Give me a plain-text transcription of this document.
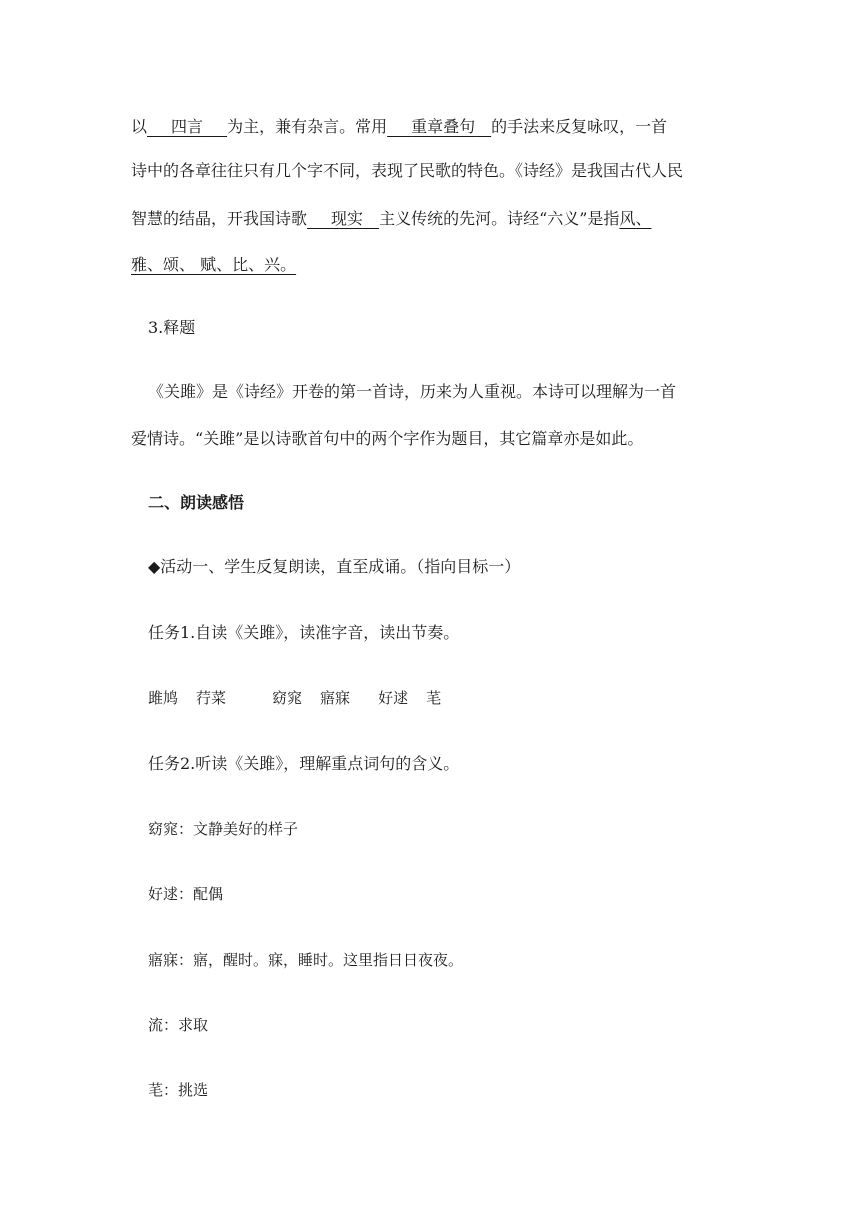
以　  四言　  为主，兼有杂言。常用　  重章叠句　 的手法来反复咏叹，一首
诗中的各章往往只有几个字不同，表现了民歌的特色。《诗经》是我国古代人民
智慧的结晶，开我国诗歌　  现实　 主义传统的先河。诗经“六义”是指风、
雅、颂、 赋、比、兴。
3.释题
《关雎》是《诗经》开卷的第一首诗，历来为人重视。本诗可以理解为一首
爱情诗。“关雎”是以诗歌首句中的两个字作为题目，其它篇章亦是如此。
二、朗读感悟
◆活动一、学生反复朗读，直至成诵。（指向目标一）
任务1.自读《关雎》，读准字音，读出节奏。
雎鸠 荇菜	窈窕 寤寐 好逑 芼
任务2.听读《关雎》，理解重点词句的含义。
窈窕：文静美好的样子
好逑：配偶
寤寐：寤，醒时。寐，睡时。这里指日日夜夜。
流：求取
芼：挑选
